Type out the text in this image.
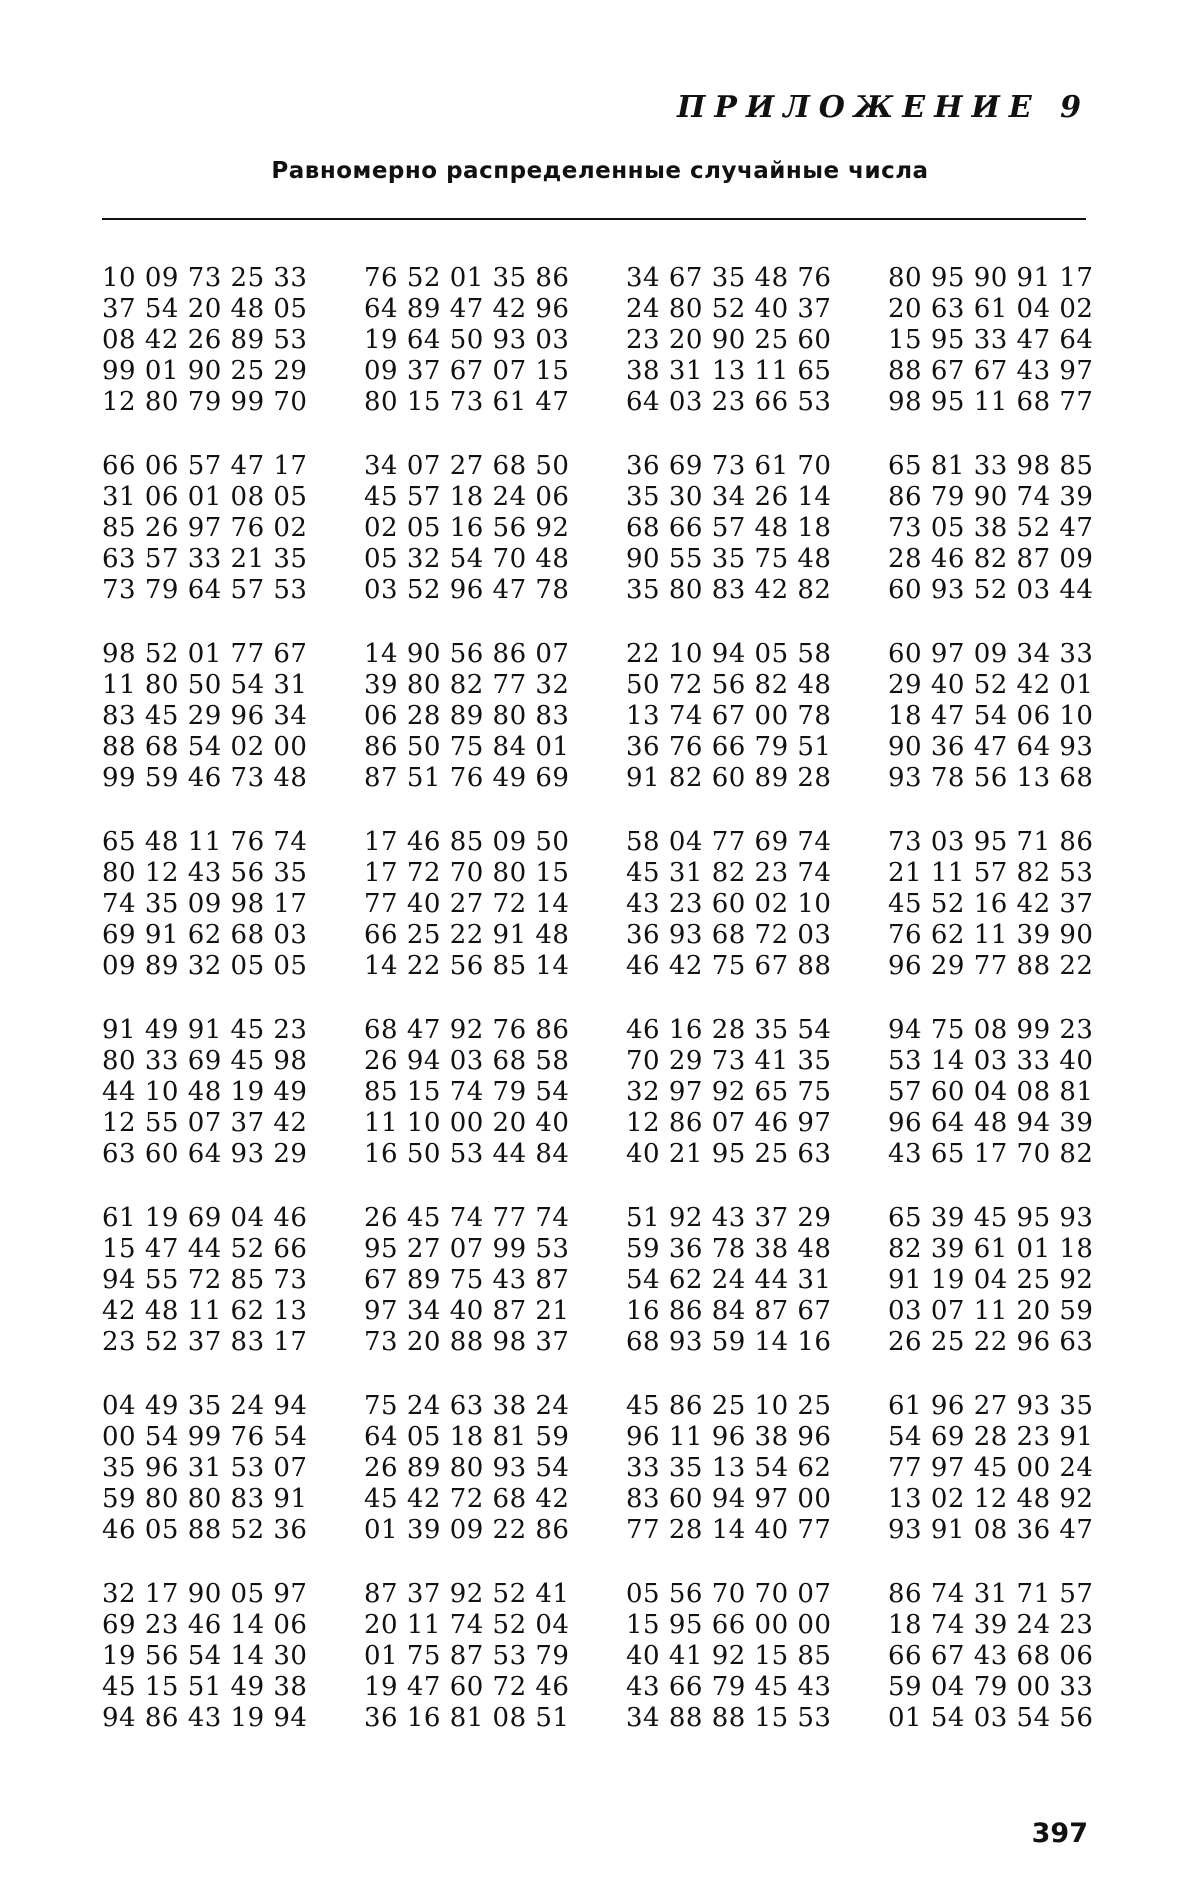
ПРИЛОЖЕНИЕ 9
Равномерно распределенные случайные числа
10 09 73 25 33
37 54 20 48 05
08 42 26 89 53
99 01 90 25 29
12 80 79 99 70
76 52 01 35 86
64 89 47 42 96
19 64 50 93 03
09 37 67 07 15
80 15 73 61 47
34 67 35 48 76
24 80 52 40 37
23 20 90 25 60
38 31 13 11 65
64 03 23 66 53
80 95 90 91 17
20 63 61 04 02
15 95 33 47 64
88 67 67 43 97
98 95 11 68 77
66 06 57 47 17
31 06 01 08 05
85 26 97 76 02
63 57 33 21 35
73 79 64 57 53
34 07 27 68 50
45 57 18 24 06
02 05 16 56 92
05 32 54 70 48
03 52 96 47 78
36 69 73 61 70
35 30 34 26 14
68 66 57 48 18
90 55 35 75 48
35 80 83 42 82
65 81 33 98 85
86 79 90 74 39
73 05 38 52 47
28 46 82 87 09
60 93 52 03 44
98 52 01 77 67
11 80 50 54 31
83 45 29 96 34
88 68 54 02 00
99 59 46 73 48
14 90 56 86 07
39 80 82 77 32
06 28 89 80 83
86 50 75 84 01
87 51 76 49 69
22 10 94 05 58
50 72 56 82 48
13 74 67 00 78
36 76 66 79 51
91 82 60 89 28
60 97 09 34 33
29 40 52 42 01
18 47 54 06 10
90 36 47 64 93
93 78 56 13 68
65 48 11 76 74
80 12 43 56 35
74 35 09 98 17
69 91 62 68 03
09 89 32 05 05
17 46 85 09 50
17 72 70 80 15
77 40 27 72 14
66 25 22 91 48
14 22 56 85 14
58 04 77 69 74
45 31 82 23 74
43 23 60 02 10
36 93 68 72 03
46 42 75 67 88
73 03 95 71 86
21 11 57 82 53
45 52 16 42 37
76 62 11 39 90
96 29 77 88 22
91 49 91 45 23
80 33 69 45 98
44 10 48 19 49
12 55 07 37 42
63 60 64 93 29
68 47 92 76 86
26 94 03 68 58
85 15 74 79 54
11 10 00 20 40
16 50 53 44 84
46 16 28 35 54
70 29 73 41 35
32 97 92 65 75
12 86 07 46 97
40 21 95 25 63
94 75 08 99 23
53 14 03 33 40
57 60 04 08 81
96 64 48 94 39
43 65 17 70 82
61 19 69 04 46
15 47 44 52 66
94 55 72 85 73
42 48 11 62 13
23 52 37 83 17
26 45 74 77 74
95 27 07 99 53
67 89 75 43 87
97 34 40 87 21
73 20 88 98 37
51 92 43 37 29
59 36 78 38 48
54 62 24 44 31
16 86 84 87 67
68 93 59 14 16
65 39 45 95 93
82 39 61 01 18
91 19 04 25 92
03 07 11 20 59
26 25 22 96 63
04 49 35 24 94
00 54 99 76 54
35 96 31 53 07
59 80 80 83 91
46 05 88 52 36
75 24 63 38 24
64 05 18 81 59
26 89 80 93 54
45 42 72 68 42
01 39 09 22 86
45 86 25 10 25
96 11 96 38 96
33 35 13 54 62
83 60 94 97 00
77 28 14 40 77
61 96 27 93 35
54 69 28 23 91
77 97 45 00 24
13 02 12 48 92
93 91 08 36 47
32 17 90 05 97
69 23 46 14 06
19 56 54 14 30
45 15 51 49 38
94 86 43 19 94
87 37 92 52 41
20 11 74 52 04
01 75 87 53 79
19 47 60 72 46
36 16 81 08 51
05 56 70 70 07
15 95 66 00 00
40 41 92 15 85
43 66 79 45 43
34 88 88 15 53
86 74 31 71 57
18 74 39 24 23
66 67 43 68 06
59 04 79 00 33
01 54 03 54 56
397
